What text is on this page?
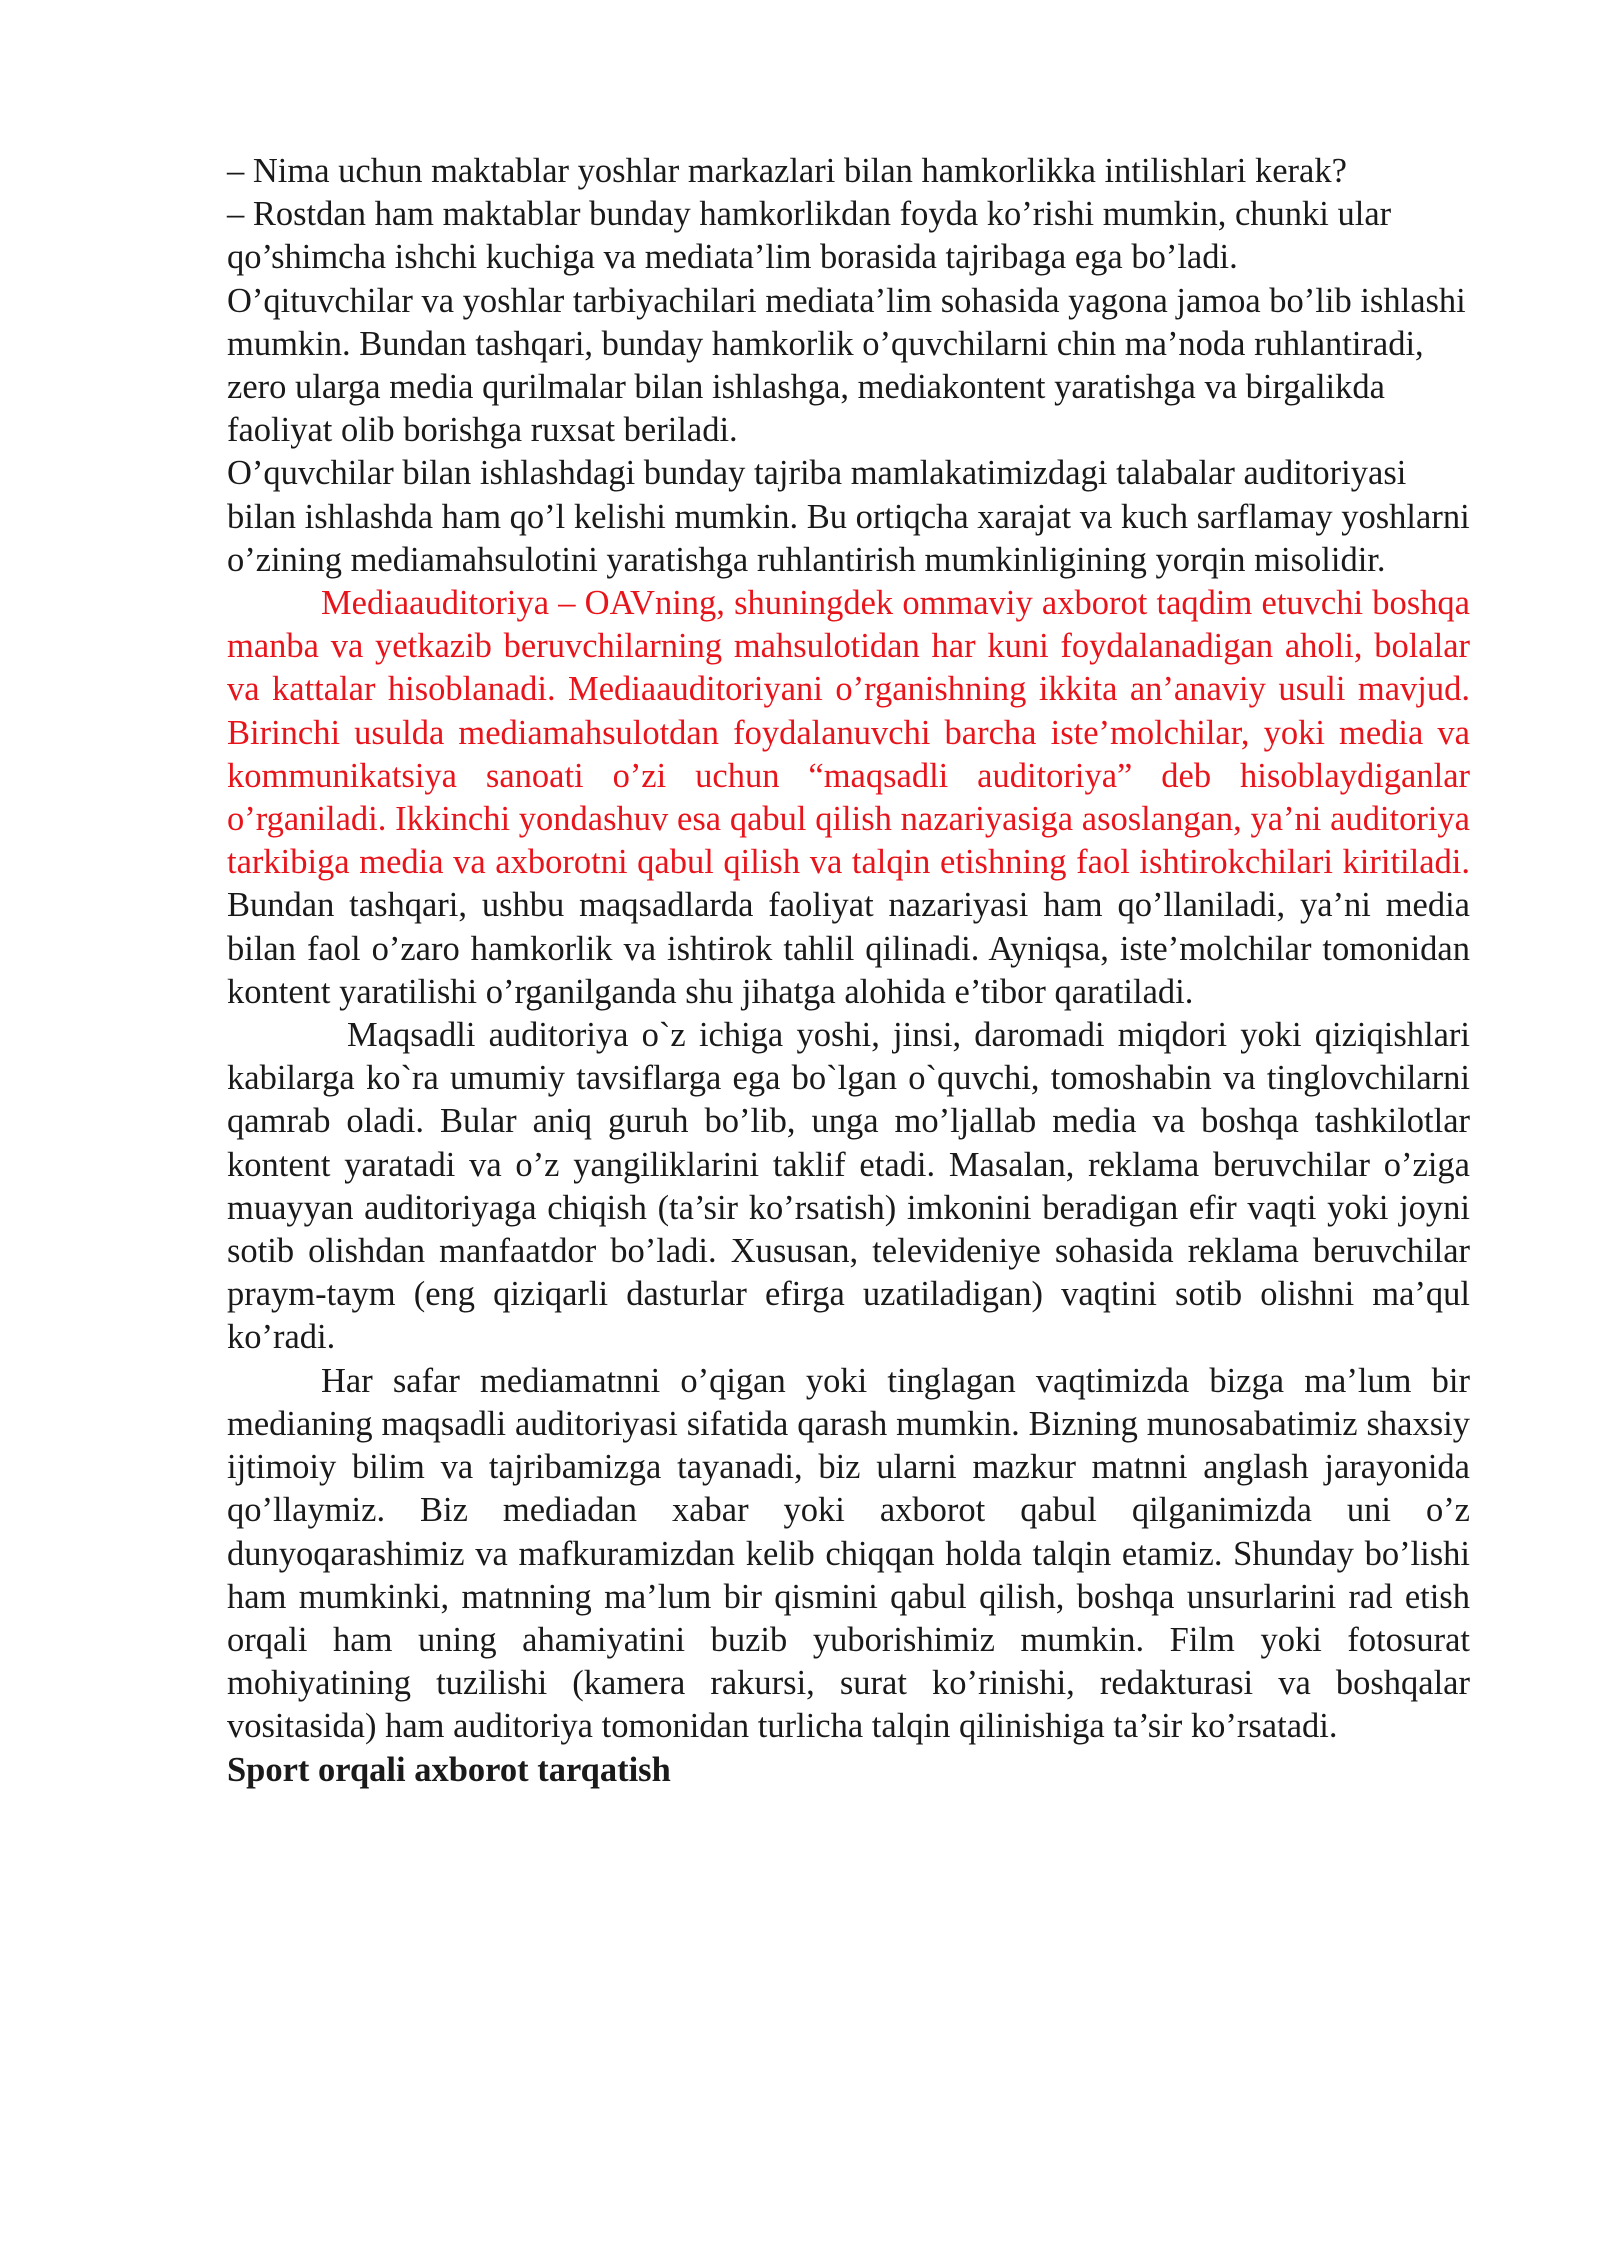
– Nima uchun maktablar yoshlar markazlari bilan hamkorlikka intilishlari kerak?

– Rostdan ham maktablar bunday hamkorlikdan foyda ko’rishi mumkin, chunki ular qo’shimcha ishchi kuchiga va mediata’lim borasida tajribaga ega bo’ladi.

O’qituvchilar va yoshlar tarbiyachilari mediata’lim sohasida yagona jamoa bo’lib ishlashi mumkin. Bundan tashqari, bunday hamkorlik o’quvchilarni chin ma’noda ruhlantiradi, zero ularga media qurilmalar bilan ishlashga, mediakontent yaratishga va birgalikda faoliyat olib borishga ruxsat beriladi.

O’quvchilar bilan ishlashdagi bunday tajriba mamlakatimizdagi talabalar auditoriyasi bilan ishlashda ham qo’l kelishi mumkin. Bu ortiqcha xarajat va kuch sarflamay yoshlarni o’zining mediamahsulotini yaratishga ruhlantirish mumkinligining yorqin misolidir.

Mediaauditoriya – OAVning, shuningdek ommaviy axborot taqdim etuvchi boshqa manba va yetkazib beruvchilarning mahsulotidan har kuni foydalanadigan aholi, bolalar va kattalar hisoblanadi. Mediaauditoriyani o’rganishning ikkita an’anaviy usuli mavjud. Birinchi usulda mediamahsulotdan foydalanuvchi barcha iste’molchilar, yoki media va kommunikatsiya sanoati o’zi uchun “maqsadli auditoriya” deb hisoblaydiganlar o’rganiladi. Ikkinchi yondashuv esa qabul qilish nazariyasiga asoslangan, ya’ni auditoriya tarkibiga media va axborotni qabul qilish va talqin etishning faol ishtirokchilari kiritiladi. Bundan tashqari, ushbu maqsadlarda faoliyat nazariyasi ham qo’llaniladi, ya’ni media bilan faol o’zaro hamkorlik va ishtirok tahlil qilinadi. Ayniqsa, iste’molchilar tomonidan kontent yaratilishi o’rganilganda shu jihatga alohida e’tibor qaratiladi.

Maqsadli auditoriya o`z ichiga yoshi, jinsi, daromadi miqdori yoki qiziqishlari kabilarga ko`ra umumiy tavsiflarga ega bo`lgan o`quvchi, tomoshabin va tinglovchilarni qamrab oladi. Bular aniq guruh bo’lib, unga mo’ljallab media va boshqa tashkilotlar kontent yaratadi va o’z yangiliklarini taklif etadi. Masalan, reklama beruvchilar o’ziga muayyan auditoriyaga chiqish (ta’sir ko’rsatish) imkonini beradigan efir vaqti yoki joyni sotib olishdan manfaatdor bo’ladi. Xususan, televideniye sohasida reklama beruvchilar praym-taym (eng qiziqarli dasturlar efirga uzatiladigan) vaqtini sotib olishni ma’qul ko’radi.

Har safar mediamatnni o’qigan yoki tinglagan vaqtimizda bizga ma’lum bir medianing maqsadli auditoriyasi sifatida qarash mumkin. Bizning munosabatimiz shaxsiy ijtimoiy bilim va tajribamizga tayanadi, biz ularni mazkur matnni anglash jarayonida qo’llaymiz. Biz mediadan xabar yoki axborot qabul qilganimizda uni o’z dunyoqarashimiz va mafkuramizdan kelib chiqqan holda talqin etamiz. Shunday bo’lishi ham mumkinki, matnning ma’lum bir qismini qabul qilish, boshqa unsurlarini rad etish orqali ham uning ahamiyatini buzib yuborishimiz mumkin. Film yoki fotosurat mohiyatining tuzilishi (kamera rakursi, surat ko’rinishi, redakturasi va boshqalar vositasida) ham auditoriya tomonidan turlicha talqin qilinishiga ta’sir ko’rsatadi.

Sport orqali axborot tarqatish
